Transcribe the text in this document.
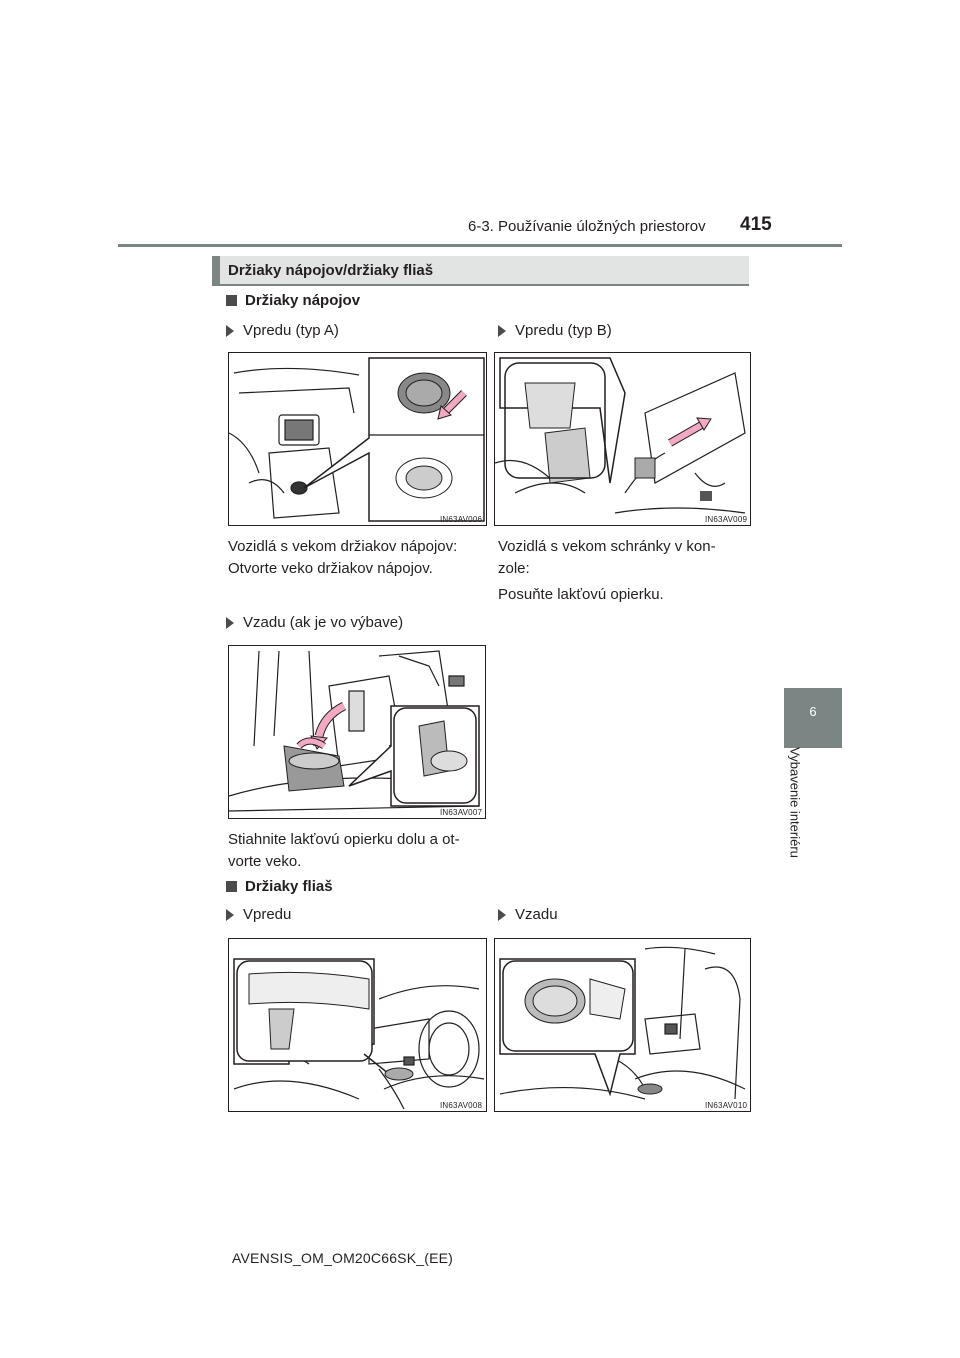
6-3. Používanie úložných priestorov 415
6
Vybavenie interiéru
Držiaky nápojov/držiaky fliaš
Držiaky nápojov
Vpredu (typ A)	Vpredu (typ B)
IN63AV006	IN63AV009
Vozidlá s vekom držiakov nápojov:
Otvorte veko držiakov nápojov.
Vozidlá s vekom schránky v kon-
zole:
Posuňte lakťovú opierku.
Vzadu (ak je vo výbave)
IN63AV007
Stiahnite lakťovú opierku dolu a ot-
vorte veko.
Držiaky fliaš
Vpredu	Vzadu
IN63AV008	IN63AV010
AVENSIS_OM_OM20C66SK_(EE)
